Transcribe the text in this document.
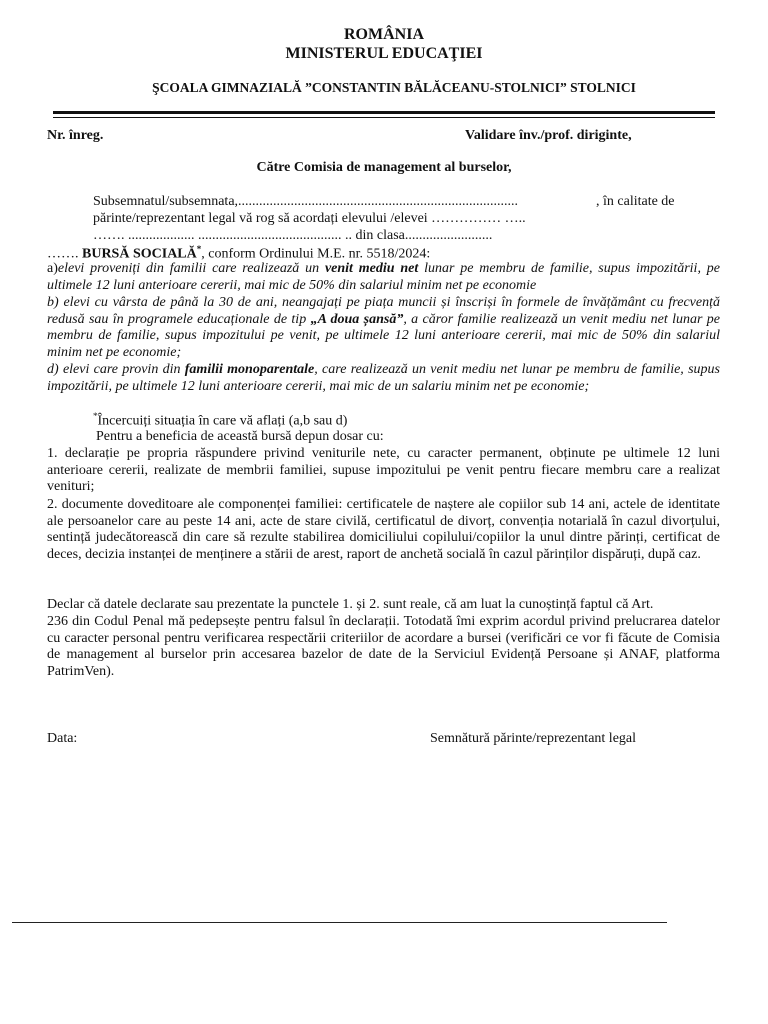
ROMÂNIA
MINISTERUL EDUCAŢIEI
ŞCOALA GIMNAZIALĂ ”CONSTANTIN BĂLĂCEANU-STOLNICI” STOLNICI
Nr. înreg.	Validare înv./prof. diriginte,
Către Comisia de management al burselor,
Subsemnatul/subsemnata,................................................................................	, în calitate de
părinte/reprezentant legal vă rog să acordați elevului /elevei …………… …..
……. ................... ......................................... .. din clasa.........................
……. BURSĂ SOCIALĂ*, conform Ordinului M.E. nr. 5518/2024:
a)elevi proveniți din familii care realizează un venit mediu net lunar pe membru de familie, supus impozitării, pe ultimele 12 luni anterioare cererii, mai mic de 50% din salariul minim net pe economie
b) elevi cu vârsta de până la 30 de ani, neangajați pe piața muncii și înscriși în formele de învățământ cu frecvență redusă sau în programele educaționale de tip „A doua șansă”, a căror familie realizează un venit mediu net lunar pe membru de familie, supus impozitului pe venit, pe ultimele 12 luni anterioare cererii, mai mic de 50% din salariul minim net pe economie;
d) elevi care provin din familii monoparentale, care realizează un venit mediu net lunar pe membru de familie, supus impozitării, pe ultimele 12 luni anterioare cererii, mai mic de un salariu minim net pe economie;
*Încercuiți situația în care vă aflați (a,b sau d)
Pentru a beneficia de această bursă depun dosar cu:
1. declarație pe propria răspundere privind veniturile nete, cu caracter permanent, obținute pe ultimele 12 luni anterioare cererii, realizate de membrii familiei, supuse impozitului pe venit pentru fiecare membru care a realizat venituri;
2. documente doveditoare ale componenței familiei: certificatele de naștere ale copiilor sub 14 ani, actele de identitate ale persoanelor care au peste 14 ani, acte de stare civilă, certificatul de divorț, convenția notarială în cazul divorțului, sentință judecătorească din care să rezulte stabilirea domiciliului copilului/copiilor la unul dintre părinți, certificat de deces, decizia instanței de menținere a stării de arest, raport de anchetă socială în cazul părinților dispăruți, după caz.
Declar că datele declarate sau prezentate la punctele 1. și 2. sunt reale, că am luat la cunoștință faptul că Art.
236 din Codul Penal mă pedepsește pentru falsul în declarații. Totodată îmi exprim acordul privind prelucrarea datelor cu caracter personal pentru verificarea respectării criteriilor de acordare a bursei (verificări ce vor fi făcute de Comisia de management al burselor prin accesarea bazelor de date de la Serviciul Evidență Persoane și ANAF, platforma PatrimVen).
Data:	Semnătură părinte/reprezentant legal
